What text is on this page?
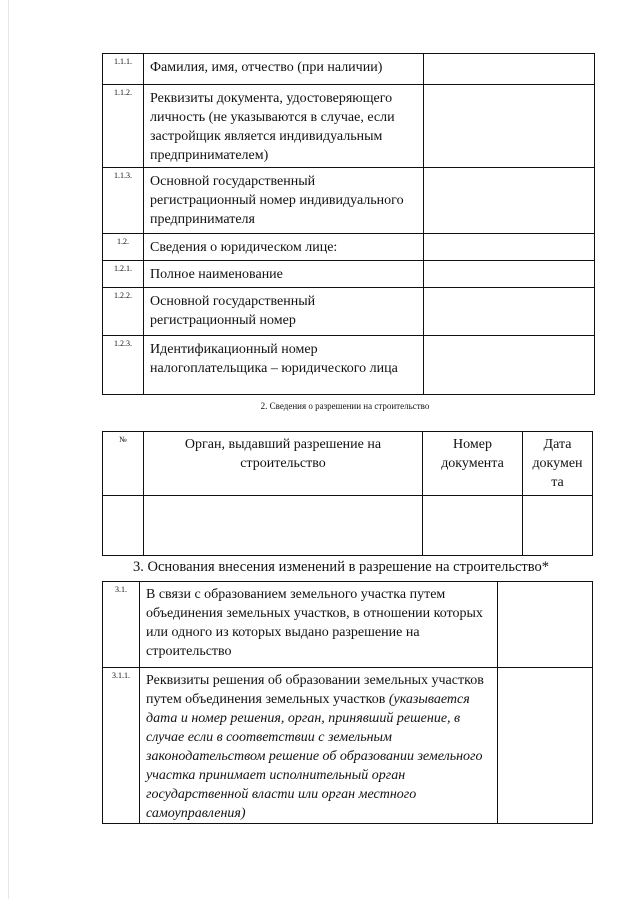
1.1.1.	Фамилия, имя, отчество (при наличии)	
1.1.2.	Реквизиты документа, удостоверяющего личность (не указываются в случае, если застройщик является индивидуальным предпринимателем)	
1.1.3.	Основной государственный регистрационный номер индивидуального предпринимателя	
1.2.	Сведения о юридическом лице:	
1.2.1.	Полное наименование	
1.2.2.	Основной государственный регистрационный номер	
1.2.3.	Идентификационный номер налогоплательщика – юридического лица	
2. Сведения о разрешении на строительство
№	Орган, выдавший разрешение на строительство	Номер документа	Дата докумен та

3. Основания внесения изменений в разрешение на строительство*
3.1.	В связи с образованием земельного участка путем объединения земельных участков, в отношении которых или одного из которых выдано разрешение на строительство	
3.1.1.	Реквизиты решения об образовании земельных участков путем объединения земельных участков (указывается дата и номер решения, орган, принявший решение, в случае если в соответствии с земельным законодательством решение об образовании земельного участка принимает исполнительный орган государственной власти или орган местного самоуправления)	
